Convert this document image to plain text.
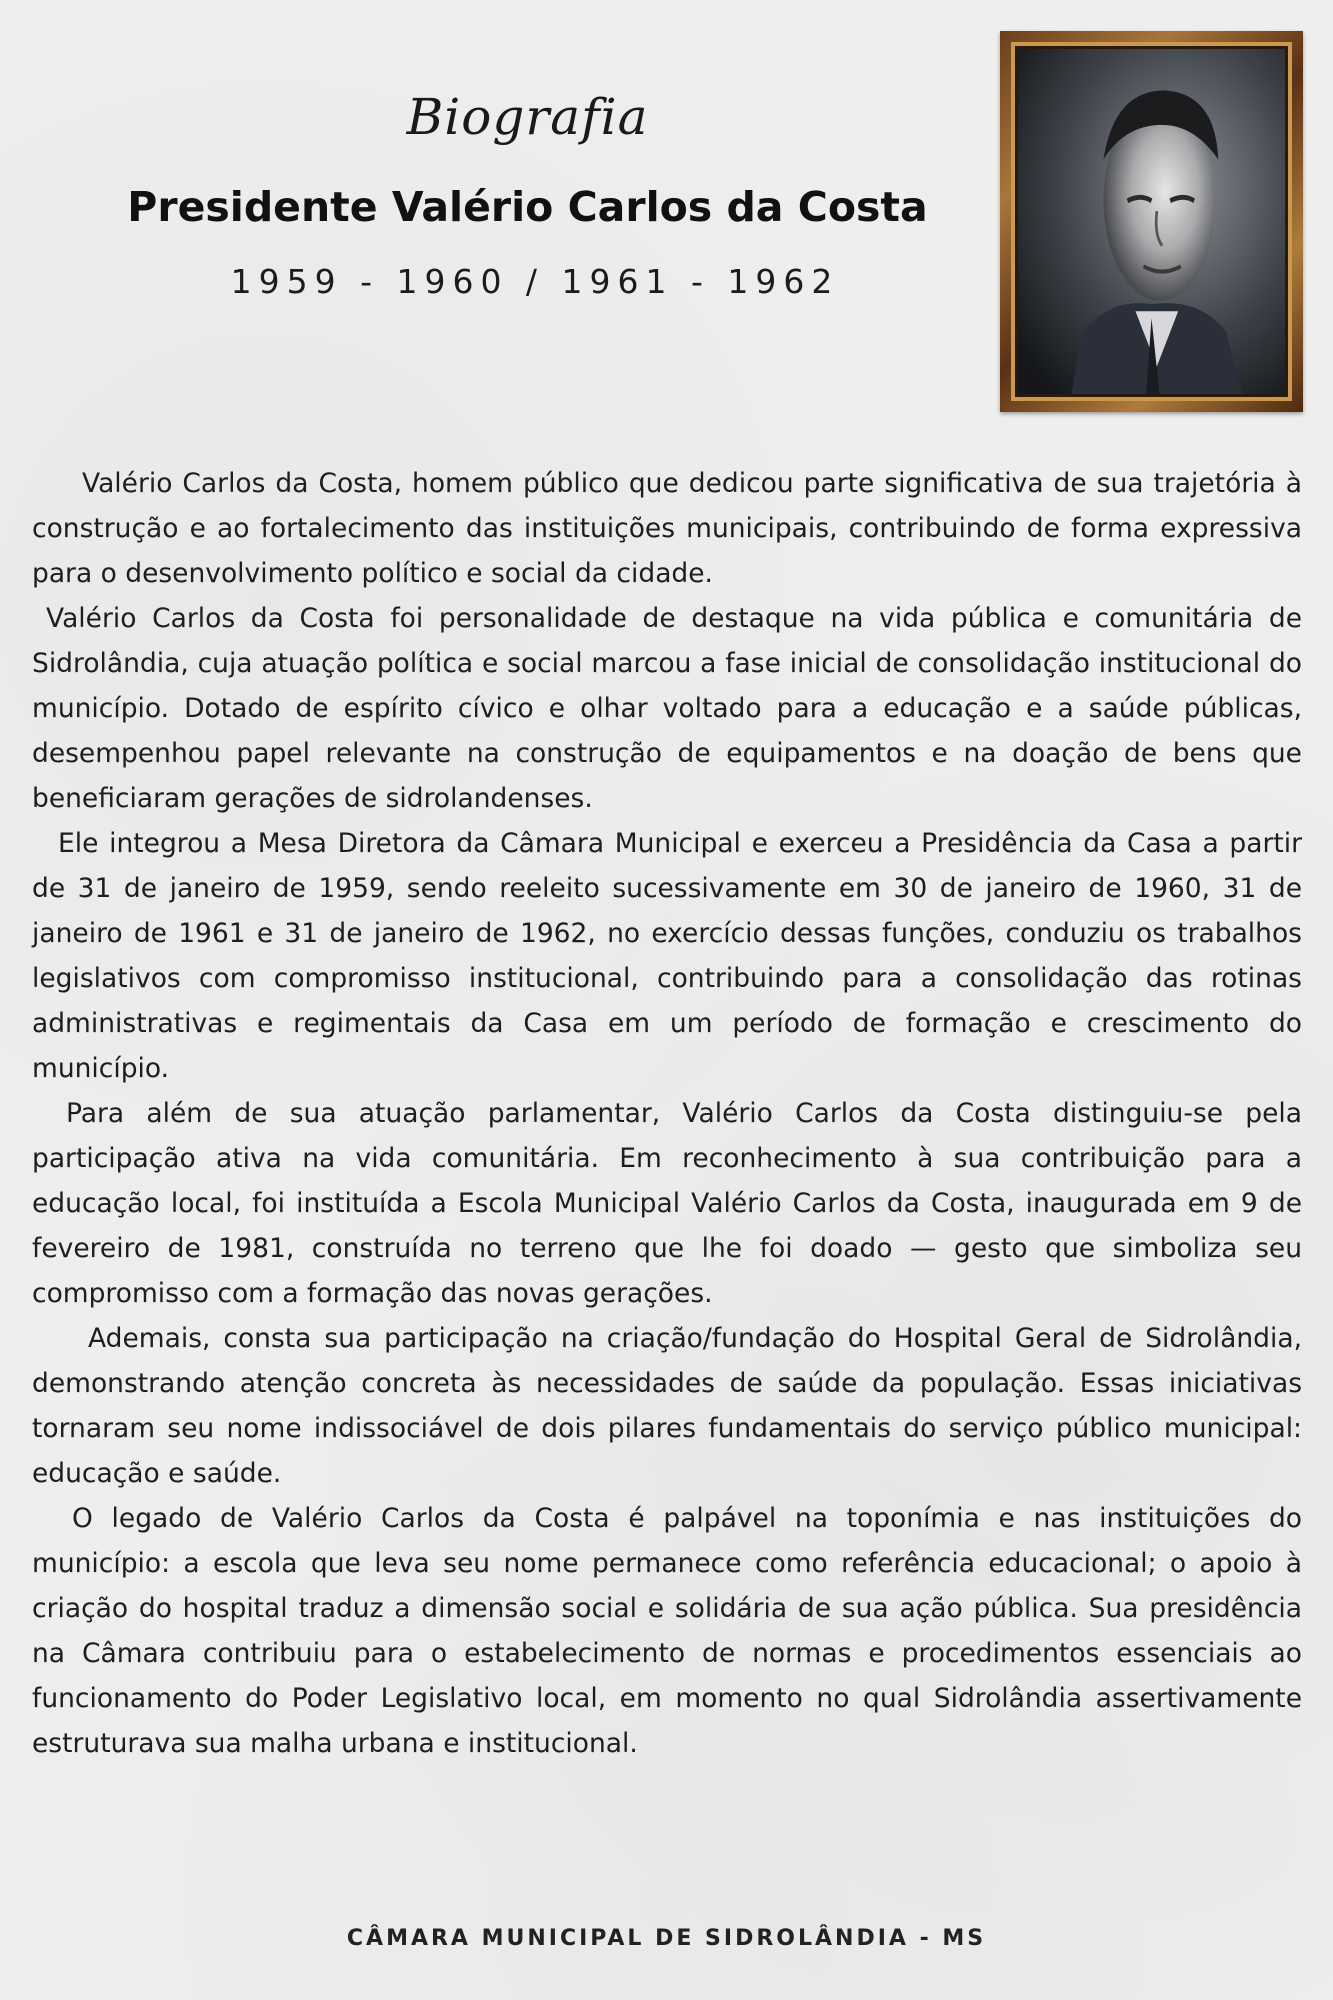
Biografia
Presidente Valério Carlos da Costa
1959 - 1960 / 1961 - 1962

Valério Carlos da Costa, homem público que dedicou parte significativa de sua trajetória à construção e ao fortalecimento das instituições municipais, contribuindo de forma expressiva para o desenvolvimento político e social da cidade.

Valério Carlos da Costa foi personalidade de destaque na vida pública e comunitária de Sidrolândia, cuja atuação política e social marcou a fase inicial de consolidação institucional do município. Dotado de espírito cívico e olhar voltado para a educação e a saúde públicas, desempenhou papel relevante na construção de equipamentos e na doação de bens que beneficiaram gerações de sidrolandenses.

Ele integrou a Mesa Diretora da Câmara Municipal e exerceu a Presidência da Casa a partir de 31 de janeiro de 1959, sendo reeleito sucessivamente em 30 de janeiro de 1960, 31 de janeiro de 1961 e 31 de janeiro de 1962, no exercício dessas funções, conduziu os trabalhos legislativos com compromisso institucional, contribuindo para a consolidação das rotinas administrativas e regimentais da Casa em um período de formação e crescimento do município.

Para além de sua atuação parlamentar, Valério Carlos da Costa distinguiu-se pela participação ativa na vida comunitária. Em reconhecimento à sua contribuição para a educação local, foi instituída a Escola Municipal Valério Carlos da Costa, inaugurada em 9 de fevereiro de 1981, construída no terreno que lhe foi doado — gesto que simboliza seu compromisso com a formação das novas gerações.

Ademais, consta sua participação na criação/fundação do Hospital Geral de Sidrolândia, demonstrando atenção concreta às necessidades de saúde da população. Essas iniciativas tornaram seu nome indissociável de dois pilares fundamentais do serviço público municipal: educação e saúde.

O legado de Valério Carlos da Costa é palpável na toponímia e nas instituições do município: a escola que leva seu nome permanece como referência educacional; o apoio à criação do hospital traduz a dimensão social e solidária de sua ação pública. Sua presidência na Câmara contribuiu para o estabelecimento de normas e procedimentos essenciais ao funcionamento do Poder Legislativo local, em momento no qual Sidrolândia assertivamente estruturava sua malha urbana e institucional.

CÂMARA MUNICIPAL DE SIDROLÂNDIA - MS
